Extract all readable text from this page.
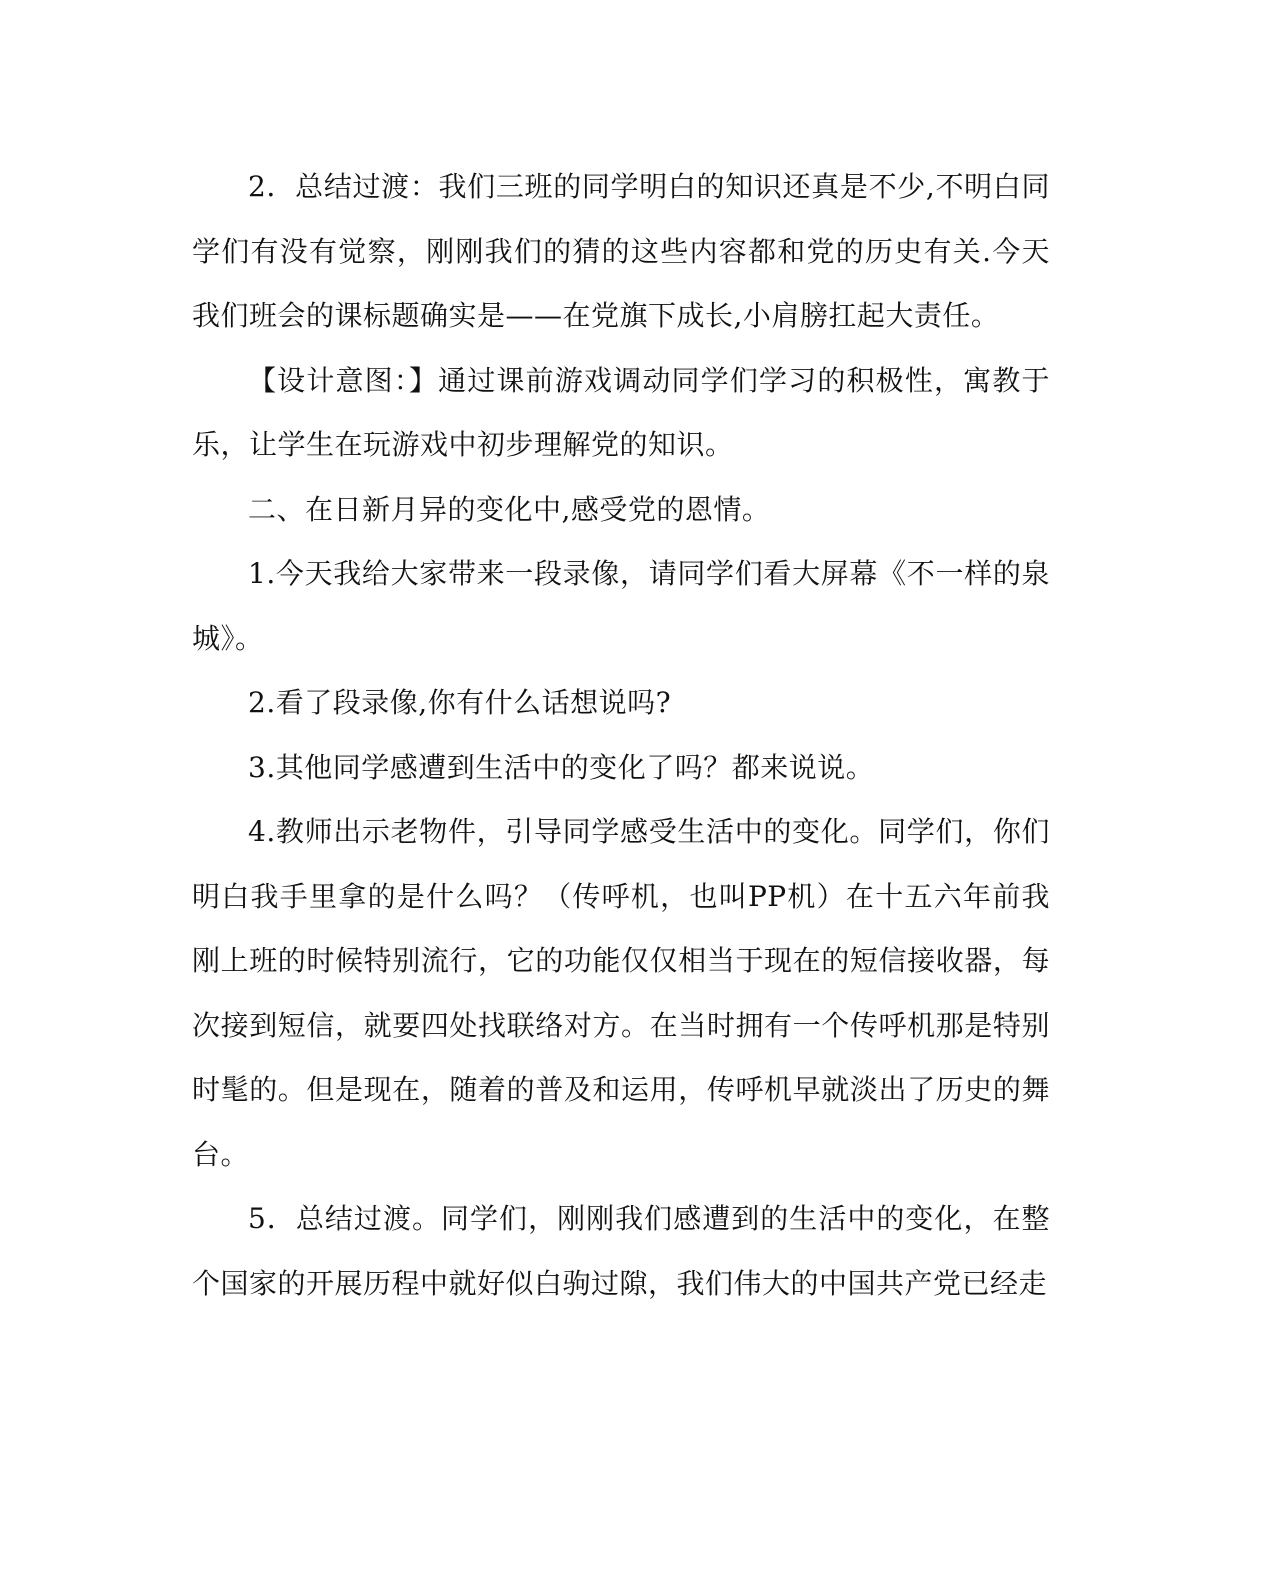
2．总结过渡：我们三班的同学明白的知识还真是不少,不明白同学们有没有觉察，刚刚我们的猜的这些内容都和党的历史有关.今天我们班会的课标题确实是——在党旗下成长,小肩膀扛起大责任。

【设计意图：】通过课前游戏调动同学们学习的积极性，寓教于乐，让学生在玩游戏中初步理解党的知识。

二、在日新月异的变化中,感受党的恩情。

1.今天我给大家带来一段录像，请同学们看大屏幕《不一样的泉城》。

2.看了段录像,你有什么话想说吗?

3.其他同学感遭到生活中的变化了吗？都来说说。

4.教师出示老物件，引导同学感受生活中的变化。同学们，你们明白我手里拿的是什么吗？（传呼机，也叫PP机）在十五六年前我刚上班的时候特别流行，它的功能仅仅相当于现在的短信接收器，每次接到短信，就要四处找联络对方。在当时拥有一个传呼机那是特别时髦的。但是现在，随着的普及和运用，传呼机早就淡出了历史的舞台。

5．总结过渡。同学们，刚刚我们感遭到的生活中的变化，在整个国家的开展历程中就好似白驹过隙，我们伟大的中国共产党已经走
